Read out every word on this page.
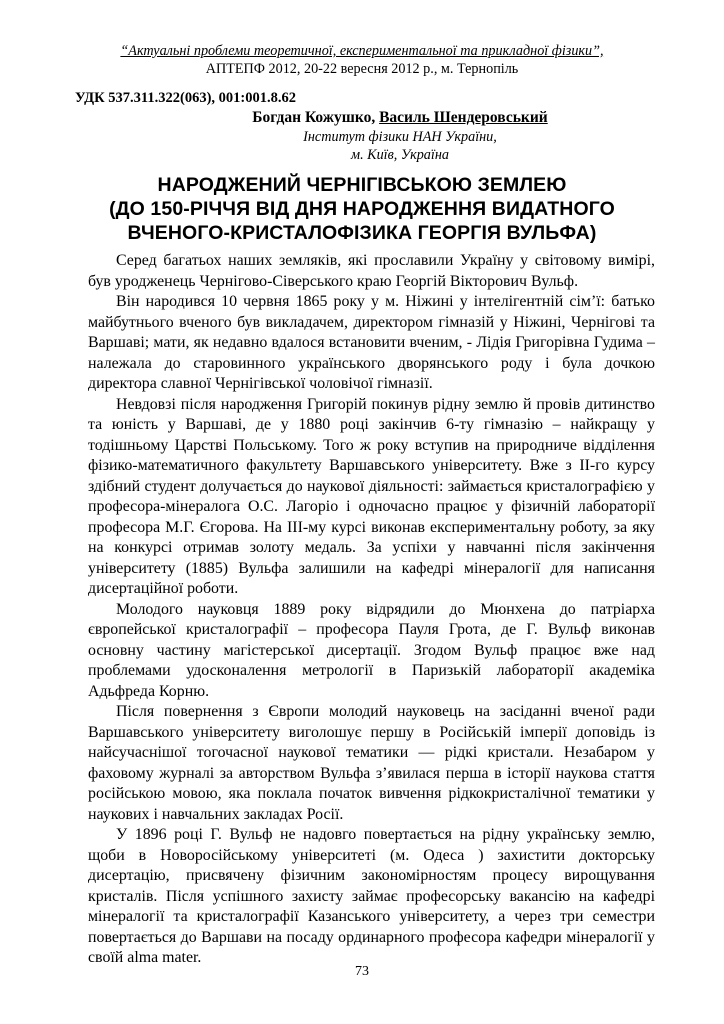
“Актуальні проблеми теоретичної, експериментальної та прикладної фізики”,
АПТЕПФ 2012, 20-22 вересня 2012 р., м. Тернопіль
УДК 537.311.322(063), 001:001.8.62
Богдан Кожушко, Василь Шендеровський
Інститут фізики НАН України,
м. Київ, Україна
НАРОДЖЕНИЙ ЧЕРНІГІВСЬКОЮ ЗЕМЛЕЮ
(ДО 150-РІЧЧЯ ВІД ДНЯ НАРОДЖЕННЯ ВИДАТНОГО
ВЧЕНОГО-КРИСТАЛОФІЗИКА ГЕОРГІЯ ВУЛЬФА)

Серед багатьох наших земляків, які прославили Україну у світовому вимірі, був уродженець Чернігово-Сіверського краю Георгій Вікторович Вульф.

Він народився 10 червня 1865 року у м. Ніжині у інтелігентній сім’ї: батько майбутнього вченого був викладачем, директором гімназій у Ніжині, Чернігові та Варшаві; мати, як недавно вдалося встановити вченим, - Лідія Григорівна Гудима – належала до старовинного українського дворянського роду і була дочкою директора славної Чернігівської чоловічої гімназії.

Невдовзі після народження Григорій покинув рідну землю й провів дитинство та юність у Варшаві, де у 1880 році закінчив 6-ту гімназію – найкращу у тодішньому Царстві Польському. Того ж року вступив на природниче відділення фізико-математичного факультету Варшавського університету. Вже з ІІ-го курсу здібний студент долучається до наукової діяльності: займається кристалографією у професора-мінералога О.С. Лагоріо і одночасно працює у фізичній лабораторії професора М.Г. Єгорова. На ІІІ-му курсі виконав експериментальну роботу, за яку на конкурсі отримав золоту медаль. За успіхи у навчанні після закінчення університету (1885) Вульфа залишили на кафедрі мінералогії для написання дисертаційної роботи.

Молодого науковця 1889 року відрядили до Мюнхена до патріарха європейської кристалографії – професора Пауля Грота, де Г. Вульф виконав основну частину магістерської дисертації. Згодом Вульф працює вже над проблемами удосконалення метрології в Паризькій лабораторії академіка Адьфреда Корню.

Після повернення з Європи молодий науковець на засіданні вченої ради Варшавського університету виголошує першу в Російській імперії доповідь із найсучаснішої тогочасної наукової тематики — рідкі кристали. Незабаром у фаховому журналі за авторством Вульфа з’явилася перша в історії наукова стаття російською мовою, яка поклала початок вивчення рідкокристалічної тематики у наукових і навчальних закладах Росії.

У 1896 році Г. Вульф не надовго повертається на рідну українську землю, щоби в Новоросійському університеті (м. Одеса ) захистити докторську дисертацію, присвячену фізичним закономірностям процесу вирощування кристалів. Після успішного захисту займає професорську вакансію на кафедрі мінералогії та кристалографії Казанського університету, а через три семестри повертається до Варшави на посаду ординарного професора кафедри мінералогії у своїй alma mater.

73
